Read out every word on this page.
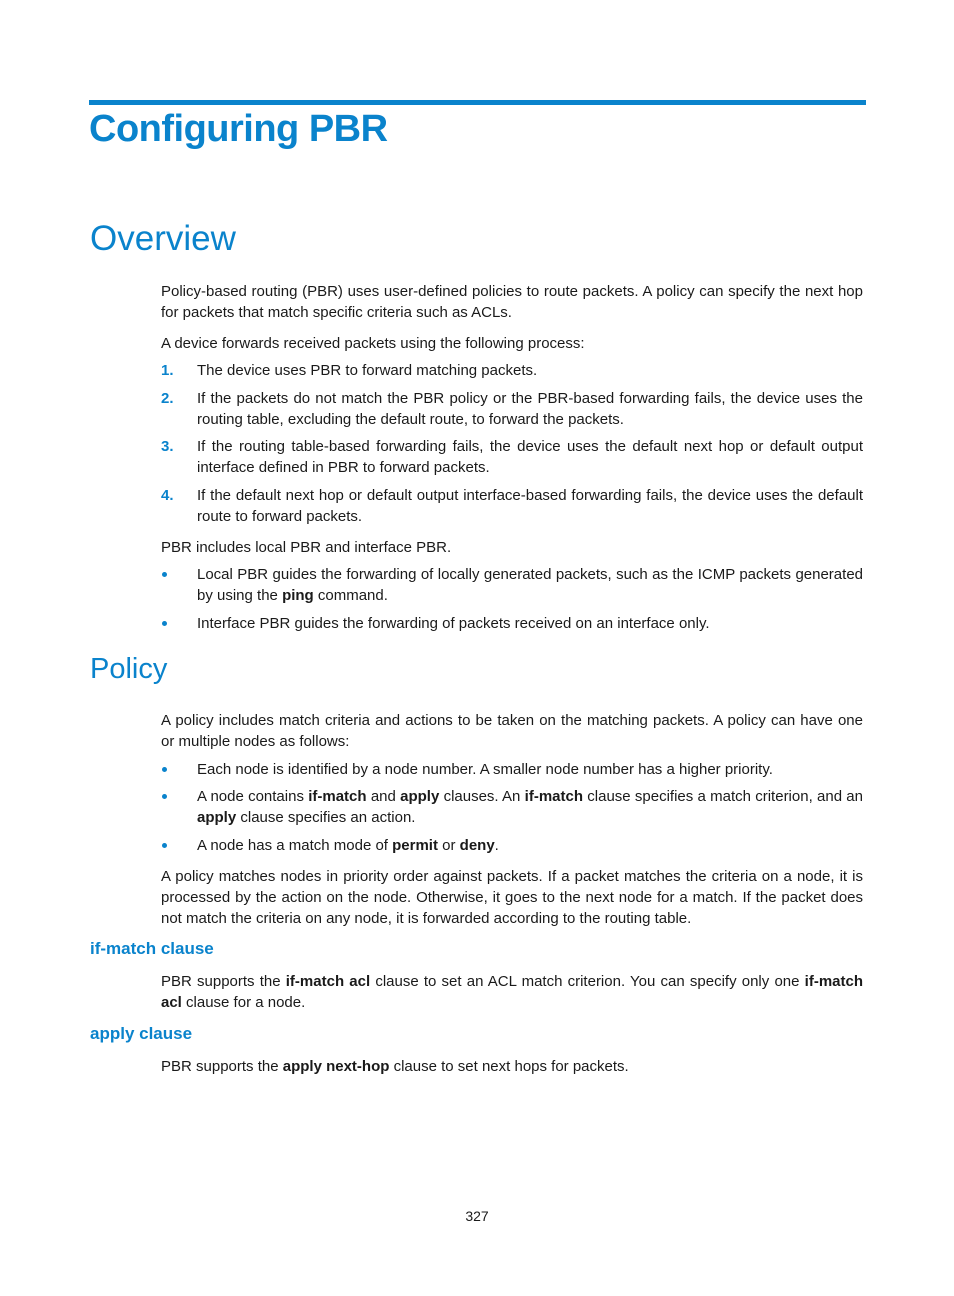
Configuring PBR
Overview

Policy-based routing (PBR) uses user-defined policies to route packets. A policy can specify the next hop for packets that match specific criteria such as ACLs.

A device forwards received packets using the following process:

1. The device uses PBR to forward matching packets.
2. If the packets do not match the PBR policy or the PBR-based forwarding fails, the device uses the routing table, excluding the default route, to forward the packets.
3. If the routing table-based forwarding fails, the device uses the default next hop or default output interface defined in PBR to forward packets.
4. If the default next hop or default output interface-based forwarding fails, the device uses the default route to forward packets.

PBR includes local PBR and interface PBR.

Local PBR guides the forwarding of locally generated packets, such as the ICMP packets generated by using the ping command.
Interface PBR guides the forwarding of packets received on an interface only.
Policy

A policy includes match criteria and actions to be taken on the matching packets. A policy can have one or multiple nodes as follows:

Each node is identified by a node number. A smaller node number has a higher priority.
A node contains if-match and apply clauses. An if-match clause specifies a match criterion, and an apply clause specifies an action.
A node has a match mode of permit or deny.

A policy matches nodes in priority order against packets. If a packet matches the criteria on a node, it is processed by the action on the node. Otherwise, it goes to the next node for a match. If the packet does not match the criteria on any node, it is forwarded according to the routing table.

if-match clause

PBR supports the if-match acl clause to set an ACL match criterion. You can specify only one if-match acl clause for a node.

apply clause

PBR supports the apply next-hop clause to set next hops for packets.

327
